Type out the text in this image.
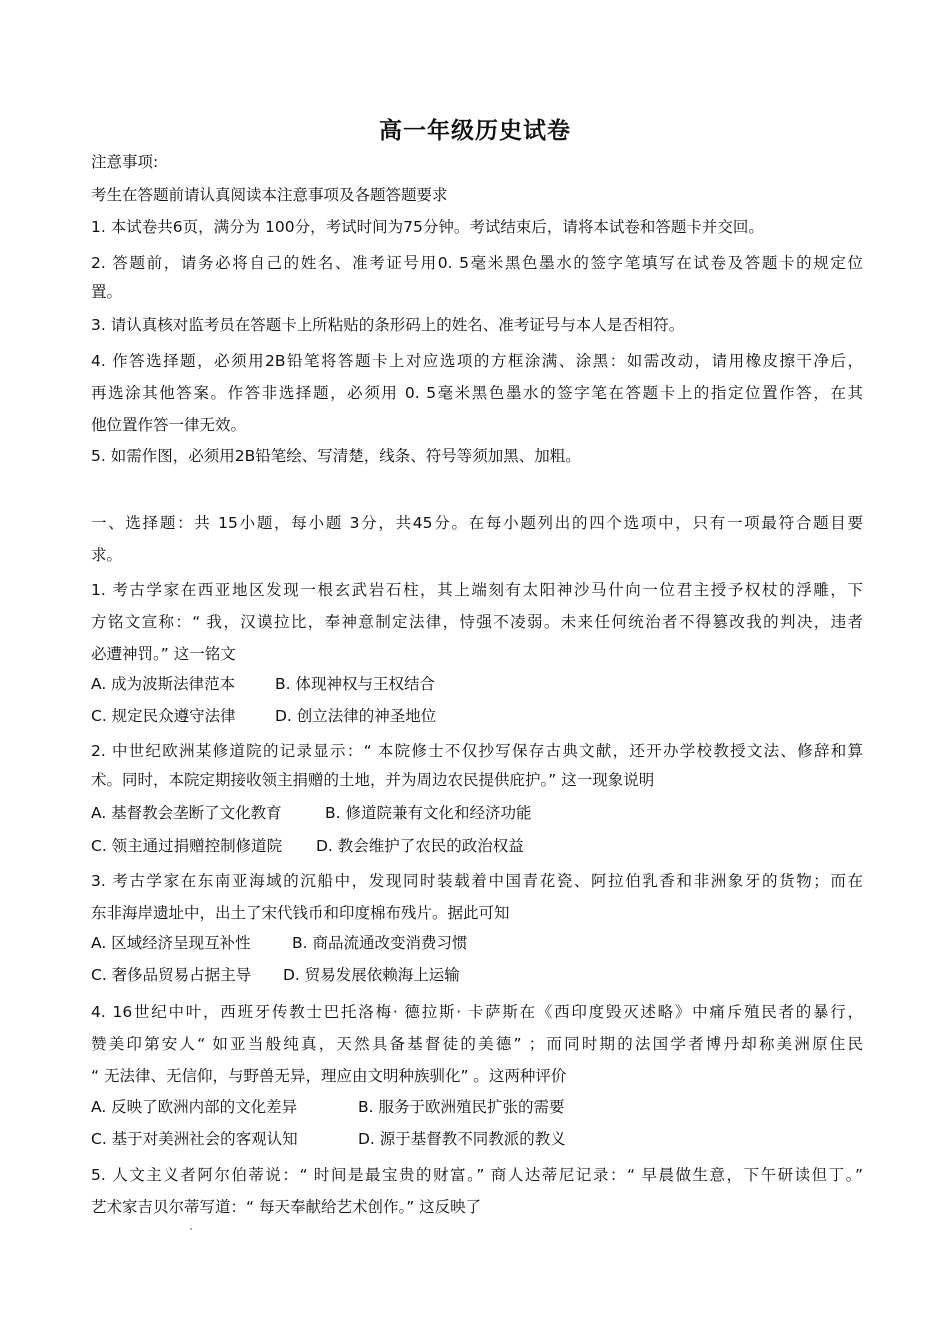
高一年级历史试卷
注意事项:
考生在答题前请认真阅读本注意事项及各题答题要求
1. 本试卷共6页，满分为 100分，考试时间为75分钟。考试结束后，请将本试卷和答题卡并交回。
2. 答题前，请务必将自己的姓名、准考证号用0. 5毫米黑色墨水的签字笔填写在试卷及答题卡的规定位
置。
3. 请认真核对监考员在答题卡上所粘贴的条形码上的姓名、准考证号与本人是否相符。
4. 作答选择题，必须用2B铅笔将答题卡上对应选项的方框涂满、涂黑：如需改动，请用橡皮擦干净后，
再选涂其他答案。作答非选择题，必须用 0. 5毫米黑色墨水的签字笔在答题卡上的指定位置作答，在其
他位置作答一律无效。
5. 如需作图，必须用2B铅笔绘、写清楚，线条、符号等须加黑、加粗。
一、选择题：共 15小题，每小题 3分，共45分。在每小题列出的四个选项中，只有一项最符合题目要
求。
1. 考古学家在西亚地区发现一根玄武岩石柱，其上端刻有太阳神沙马什向一位君主授予权杖的浮雕，下
方铭文宣称：“ 我，汉谟拉比，奉神意制定法律，恃强不凌弱。未来任何统治者不得篡改我的判决，违者
必遭神罚。” 这一铭文
A. 成为波斯法律范本	B. 体现神权与王权结合
C. 规定民众遵守法律	D. 创立法律的神圣地位
2. 中世纪欧洲某修道院的记录显示：“ 本院修士不仅抄写保存古典文献，还开办学校教授文法、修辞和算
术。同时，本院定期接收领主捐赠的土地，并为周边农民提供庇护。” 这一现象说明
A. 基督教会垄断了文化教育	B. 修道院兼有文化和经济功能
C. 领主通过捐赠控制修道院 D. 教会维护了农民的政治权益
3. 考古学家在东南亚海域的沉船中，发现同时装载着中国青花瓷、阿拉伯乳香和非洲象牙的货物；而在
东非海岸遗址中，出土了宋代钱币和印度棉布残片。据此可知
A. 区域经济呈现互补性	B. 商品流通改变消费习惯
C. 奢侈品贸易占据主导 D. 贸易发展依赖海上运输
4. 16世纪中叶，西班牙传教士巴托洛梅· 德拉斯· 卡萨斯在《西印度毁灭述略》中痛斥殖民者的暴行，
赞美印第安人“ 如亚当般纯真，天然具备基督徒的美德” ；而同时期的法国学者博丹却称美洲原住民
“ 无法律、无信仰，与野兽无异，理应由文明种族驯化” 。这两种评价
A. 反映了欧洲内部的文化差异	B. 服务于欧洲殖民扩张的需要
C. 基于对美洲社会的客观认知	D. 源于基督教不同教派的教义
5. 人文主义者阿尔伯蒂说：“ 时间是最宝贵的财富。” 商人达蒂尼记录：“ 早晨做生意，下午研读但丁。”
艺术家吉贝尔蒂写道：“ 每天奉献给艺术创作。” 这反映了
